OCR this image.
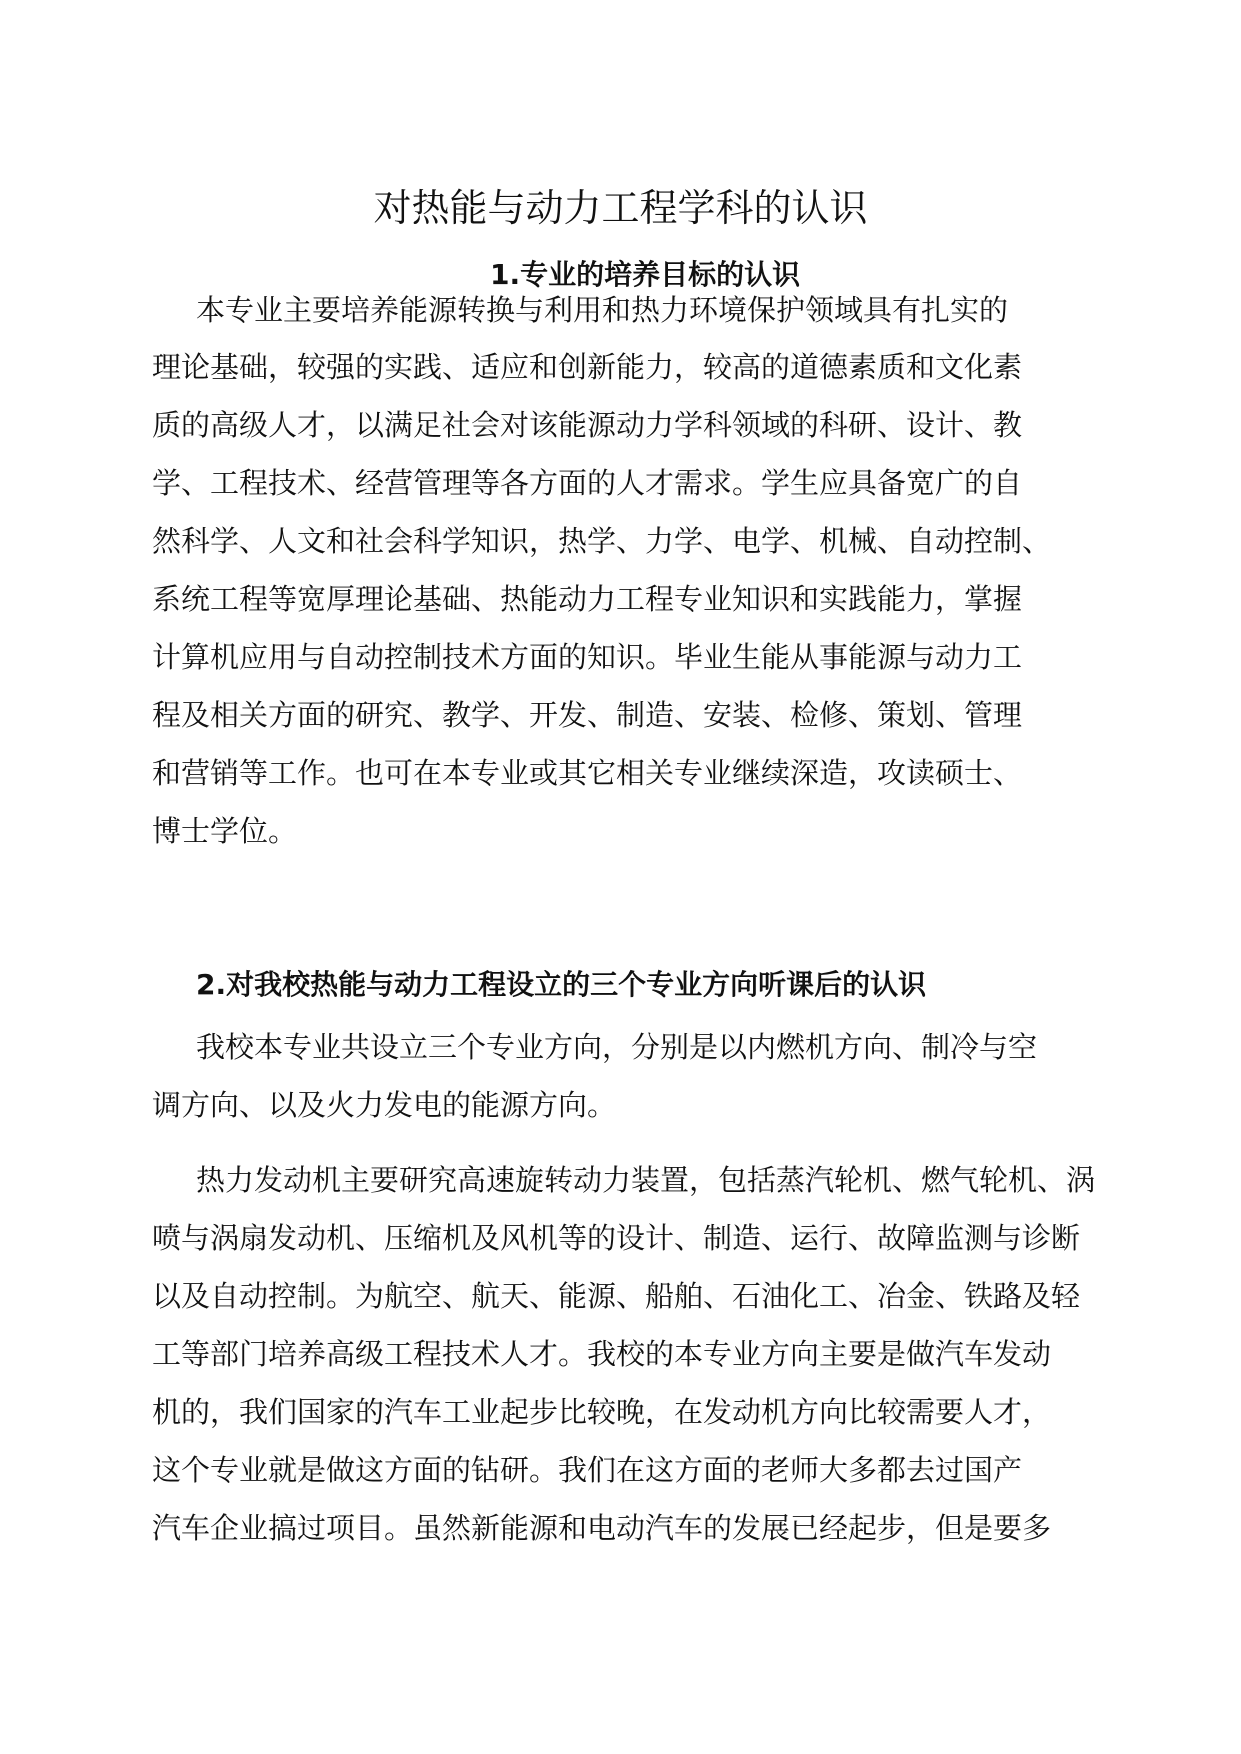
对热能与动力工程学科的认识
1.专业的培养目标的认识

本专业主要培养能源转换与利用和热力环境保护领域具有扎实的

理论基础，较强的实践、适应和创新能力，较高的道德素质和文化素

质的高级人才，以满足社会对该能源动力学科领域的科研、设计、教

学、工程技术、经营管理等各方面的人才需求。学生应具备宽广的自

然科学、人文和社会科学知识，热学、力学、电学、机械、自动控制、

系统工程等宽厚理论基础、热能动力工程专业知识和实践能力，掌握

计算机应用与自动控制技术方面的知识。毕业生能从事能源与动力工

程及相关方面的研究、教学、开发、制造、安装、检修、策划、管理

和营销等工作。也可在本专业或其它相关专业继续深造，攻读硕士、

博士学位。

2.对我校热能与动力工程设立的三个专业方向听课后的认识

我校本专业共设立三个专业方向，分别是以内燃机方向、制冷与空

调方向、以及火力发电的能源方向。

热力发动机主要研究高速旋转动力装置，包括蒸汽轮机、燃气轮机、涡

喷与涡扇发动机、压缩机及风机等的设计、制造、运行、故障监测与诊断

以及自动控制。为航空、航天、能源、船舶、石油化工、冶金、铁路及轻

工等部门培养高级工程技术人才。我校的本专业方向主要是做汽车发动

机的，我们国家的汽车工业起步比较晚，在发动机方向比较需要人才，

这个专业就是做这方面的钻研。我们在这方面的老师大多都去过国产

汽车企业搞过项目。虽然新能源和电动汽车的发展已经起步，但是要多
